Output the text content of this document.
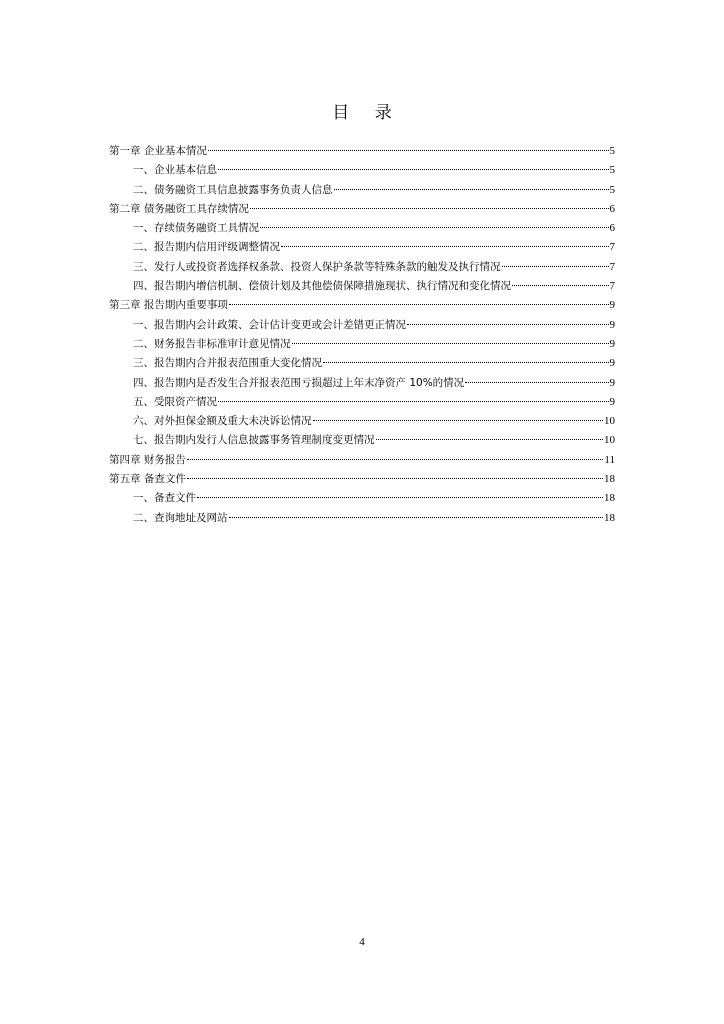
目 录
第一章 企业基本情况	5
一、企业基本信息	5
二、债务融资工具信息披露事务负责人信息	5
第二章 债务融资工具存续情况	6
一、存续债务融资工具情况	6
二、报告期内信用评级调整情况	7
三、发行人或投资者选择权条款、投资人保护条款等特殊条款的触发及执行情况	7
四、报告期内增信机制、偿债计划及其他偿债保障措施现状、执行情况和变化情况	7
第三章 报告期内重要事项	9
一、报告期内会计政策、会计估计变更或会计差错更正情况	9
二、财务报告非标准审计意见情况	9
三、报告期内合并报表范围重大变化情况	9
四、报告期内是否发生合并报表范围亏损超过上年末净资产 10%的情况	9
五、受限资产情况	9
六、对外担保金额及重大未决诉讼情况	10
七、报告期内发行人信息披露事务管理制度变更情况	10
第四章 财务报告	11
第五章 备查文件	18
一、备查文件	18
二、查询地址及网站	18
4
